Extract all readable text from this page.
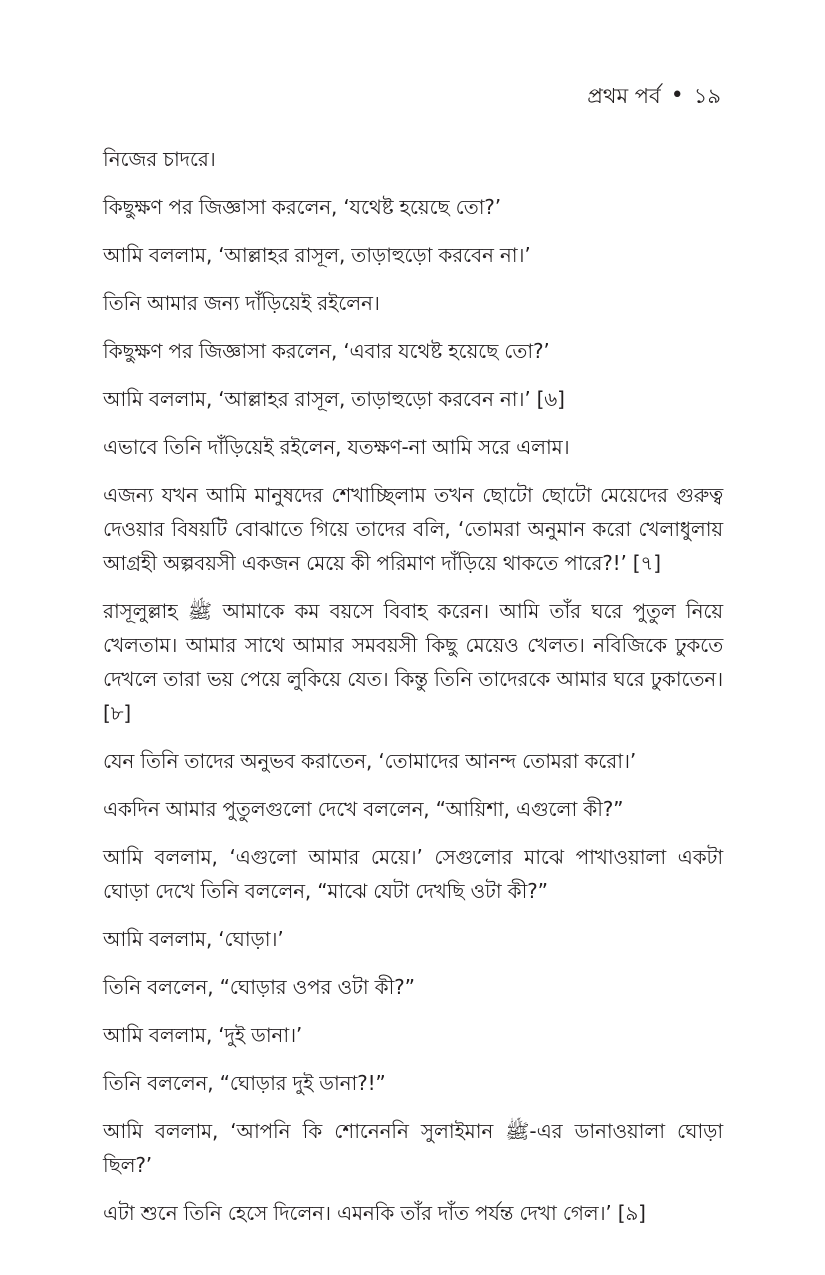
প্রথম পর্ব • ১৯

নিজের চাদরে।

কিছুক্ষণ পর জিজ্ঞাসা করলেন, ‘যথেষ্ট হয়েছে তো?’

আমি বললাম, ‘আল্লাহর রাসূল, তাড়াহুড়ো করবেন না।’

তিনি আমার জন্য দাঁড়িয়েই রইলেন।

কিছুক্ষণ পর জিজ্ঞাসা করলেন, ‘এবার যথেষ্ট হয়েছে তো?’

আমি বললাম, ‘আল্লাহর রাসূল, তাড়াহুড়ো করবেন না।’ [৬]

এভাবে তিনি দাঁড়িয়েই রইলেন, যতক্ষণ-না আমি সরে এলাম।

এজন্য যখন আমি মানুষদের শেখাচ্ছিলাম তখন ছোটো ছোটো মেয়েদের গুরুত্ব দেওয়ার বিষয়টি বোঝাতে গিয়ে তাদের বলি, ‘তোমরা অনুমান করো খেলাধুলায় আগ্রহী অল্পবয়সী একজন মেয়ে কী পরিমাণ দাঁড়িয়ে থাকতে পারে?!’ [৭]

রাসূলুল্লাহ ﷺ আমাকে কম বয়সে বিবাহ করেন। আমি তাঁর ঘরে পুতুল নিয়ে খেলতাম। আমার সাথে আমার সমবয়সী কিছু মেয়েও খেলত। নবিজিকে ঢুকতে দেখলে তারা ভয় পেয়ে লুকিয়ে যেত। কিন্তু তিনি তাদেরকে আমার ঘরে ঢুকাতেন।[৮]

যেন তিনি তাদের অনুভব করাতেন, ‘তোমাদের আনন্দ তোমরা করো।’

একদিন আমার পুতুলগুলো দেখে বললেন, “আয়িশা, এগুলো কী?”

আমি বললাম, ‘এগুলো আমার মেয়ে।’ সেগুলোর মাঝে পাখাওয়ালা একটা ঘোড়া দেখে তিনি বললেন, “মাঝে যেটা দেখছি ওটা কী?”

আমি বললাম, ‘ঘোড়া।’

তিনি বললেন, “ঘোড়ার ওপর ওটা কী?”

আমি বললাম, ‘দুই ডানা।’

তিনি বললেন, “ঘোড়ার দুই ডানা?!”

আমি বললাম, ‘আপনি কি শোনেননি সুলাইমান ﷺ-এর ডানাওয়ালা ঘোড়া ছিল?’

এটা শুনে তিনি হেসে দিলেন। এমনকি তাঁর দাঁত পর্যন্ত দেখা গেল।’ [৯]
